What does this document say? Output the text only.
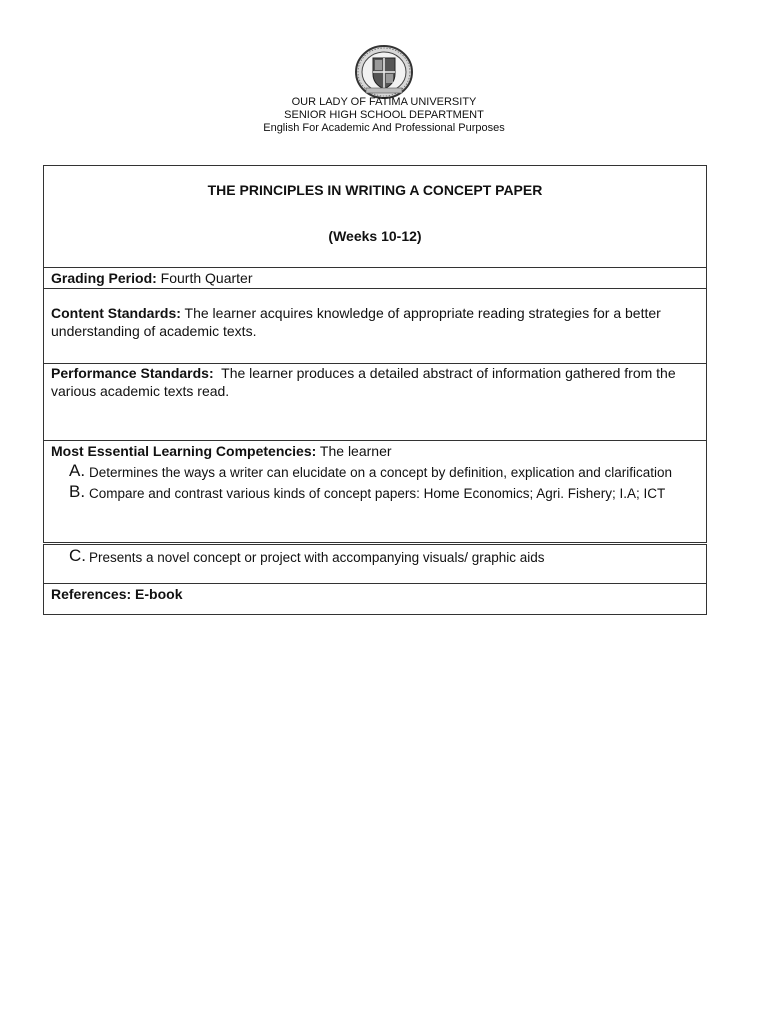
OUR LADY OF FATIMA UNIVERSITY
SENIOR HIGH SCHOOL DEPARTMENT
English For Academic And Professional Purposes
THE PRINCIPLES IN WRITING A CONCEPT PAPER
(Weeks 10-12)
Grading Period: Fourth Quarter
Content Standards: The learner acquires knowledge of appropriate reading strategies for a better understanding of academic texts.
Performance Standards:  The learner produces a detailed abstract of information gathered from the various academic texts read.
Most Essential Learning Competencies: The learner
A. Determines the ways a writer can elucidate on a concept by definition, explication and clarification
B. Compare and contrast various kinds of concept papers: Home Economics; Agri. Fishery; I.A; ICT
C. Presents a novel concept or project with accompanying visuals/ graphic aids
References: E-book
